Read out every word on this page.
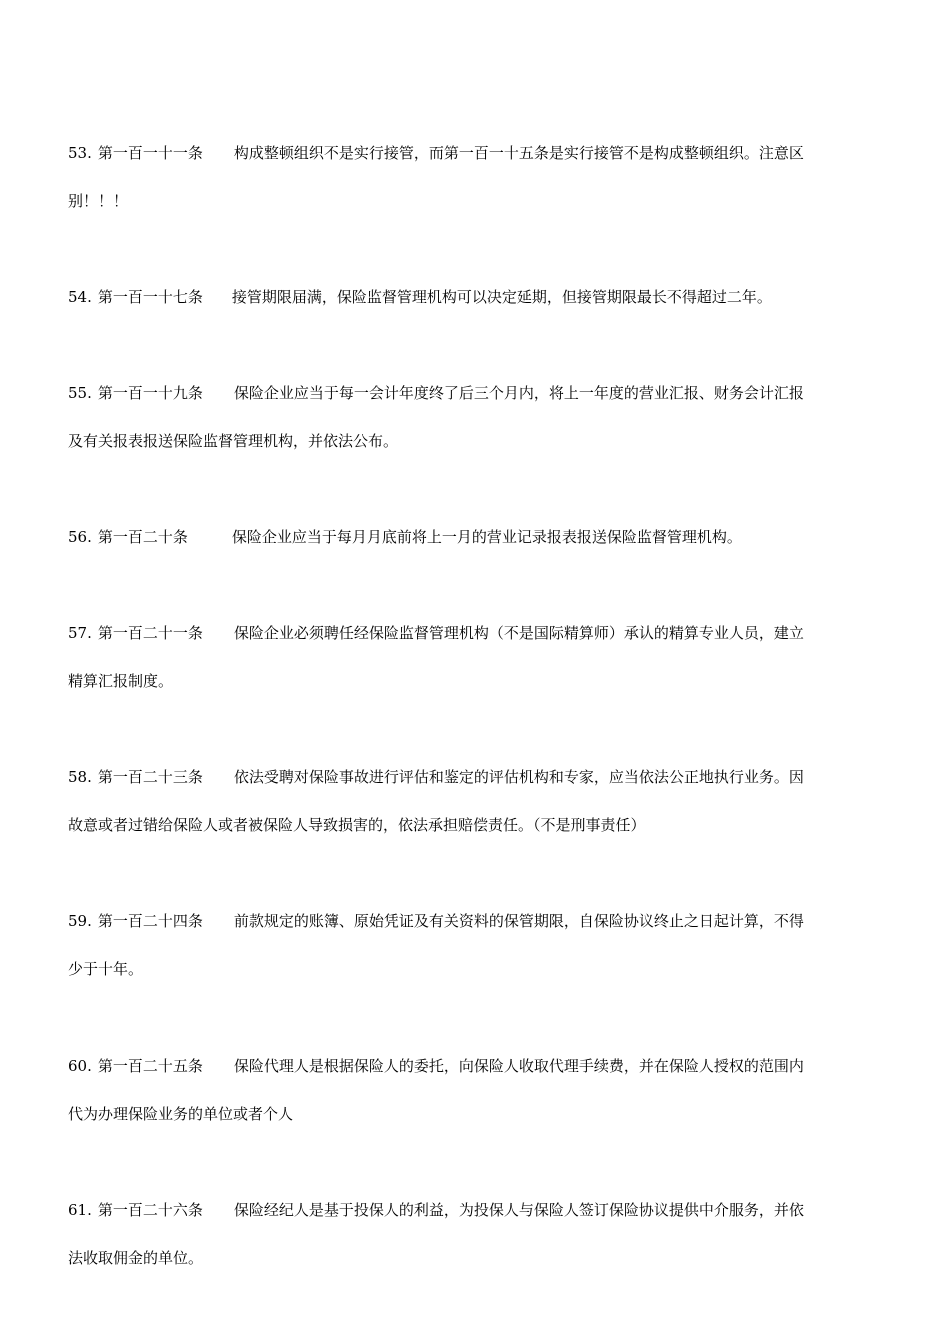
53. 第一百一十一条 构成整顿组织不是实行接管，而第一百一十五条是实行接管不是构成整顿组织。注意区
别！！！
54. 第一百一十七条 接管期限届满，保险监督管理机构可以决定延期，但接管期限最长不得超过二年。
55. 第一百一十九条 保险企业应当于每一会计年度终了后三个月内，将上一年度的营业汇报、财务会计汇报
及有关报表报送保险监督管理机构，并依法公布。
56. 第一百二十条	保险企业应当于每月月底前将上一月的营业记录报表报送保险监督管理机构。
57. 第一百二十一条 保险企业必须聘任经保险监督管理机构（不是国际精算师）承认的精算专业人员，建立
精算汇报制度。
58. 第一百二十三条 依法受聘对保险事故进行评估和鉴定的评估机构和专家，应当依法公正地执行业务。因
故意或者过错给保险人或者被保险人导致损害的，依法承担赔偿责任。（不是刑事责任）
59. 第一百二十四条 前款规定的账簿、原始凭证及有关资料的保管期限，自保险协议终止之日起计算，不得
少于十年。
60. 第一百二十五条 保险代理人是根据保险人的委托，向保险人收取代理手续费，并在保险人授权的范围内
代为办理保险业务的单位或者个人
61. 第一百二十六条 保险经纪人是基于投保人的利益，为投保人与保险人签订保险协议提供中介服务，并依
法收取佣金的单位。
